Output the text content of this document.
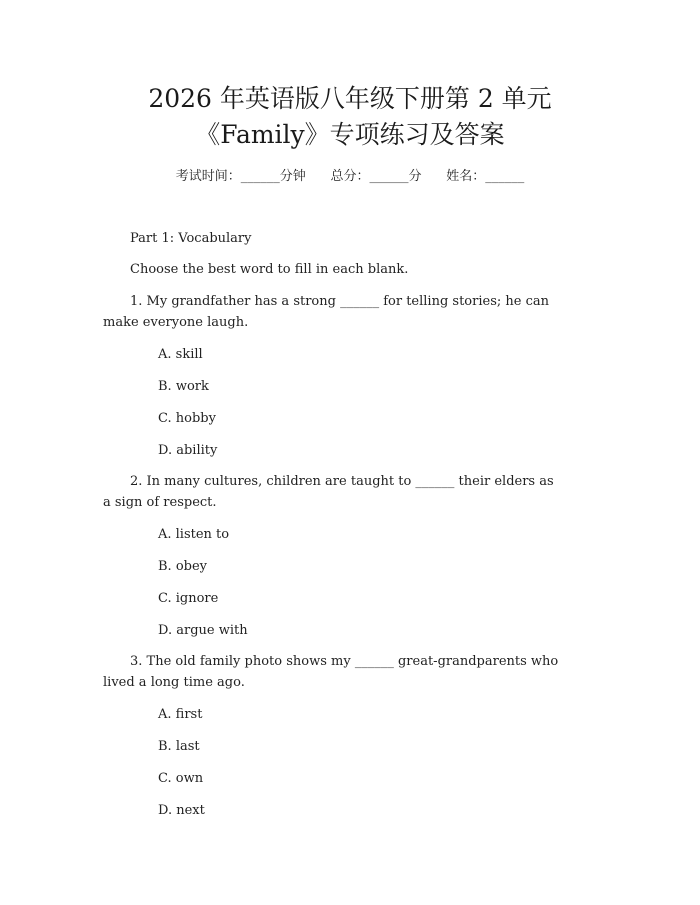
2026 年英语版八年级下册第 2 单元
《Family》专项练习及答案
考试时间：______分钟      总分：______分      姓名：______
Part 1: Vocabulary
Choose the best word to fill in each blank.
1. My grandfather has a strong ______ for telling stories; he can
make everyone laugh.
A. skill
B. work
C. hobby
D. ability
2. In many cultures, children are taught to ______ their elders as
a sign of respect.
A. listen to
B. obey
C. ignore
D. argue with
3. The old family photo shows my ______ great-grandparents who
lived a long time ago.
A. first
B. last
C. own
D. next
